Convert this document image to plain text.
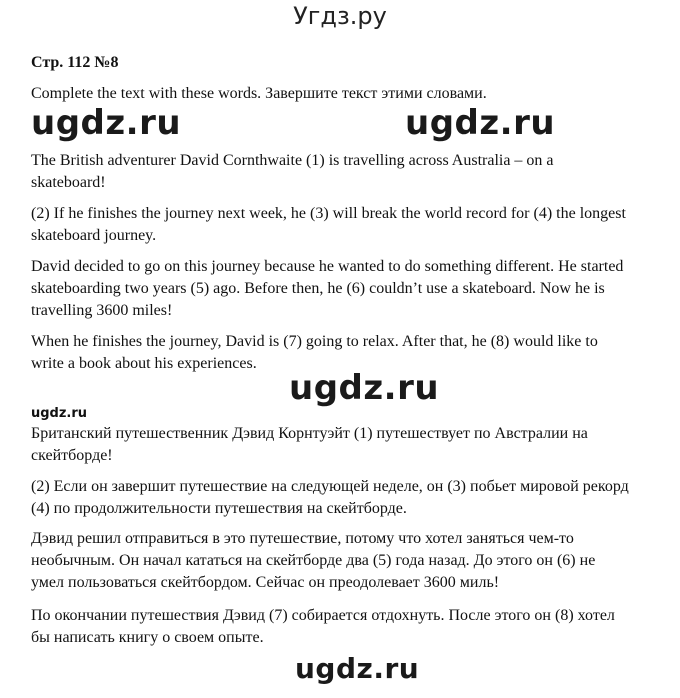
Угдз.ру
Стр. 112 №8
Complete the text with these words. Завершите текст этими словами.
ugdz.ru	ugdz.ru
The British adventurer David Cornthwaite (1) is travelling across Australia – on a skateboard!
(2) If he finishes the journey next week, he (3) will break the world record for (4) the longest skateboard journey.
David decided to go on this journey because he wanted to do something different. He started skateboarding two years (5) ago. Before then, he (6) couldn’t use a skateboard. Now he is travelling 3600 miles!
When he finishes the journey, David is (7) going to relax. After that, he (8) would like to write a book about his experiences.
ugdz.ru
ugdz.ru
Британский путешественник Дэвид Корнтуэйт (1) путешествует по Австралии на скейтборде!
(2) Если он завершит путешествие на следующей неделе, он (3) побьет мировой рекорд (4) по продолжительности путешествия на скейтборде.
Дэвид решил отправиться в это путешествие, потому что хотел заняться чем-то необычным. Он начал кататься на скейтборде два (5) года назад. До этого он (6) не умел пользоваться скейтбордом. Сейчас он преодолевает 3600 миль!
По окончании путешествия Дэвид (7) собирается отдохнуть. После этого он (8) хотел бы написать книгу о своем опыте.
ugdz.ru
